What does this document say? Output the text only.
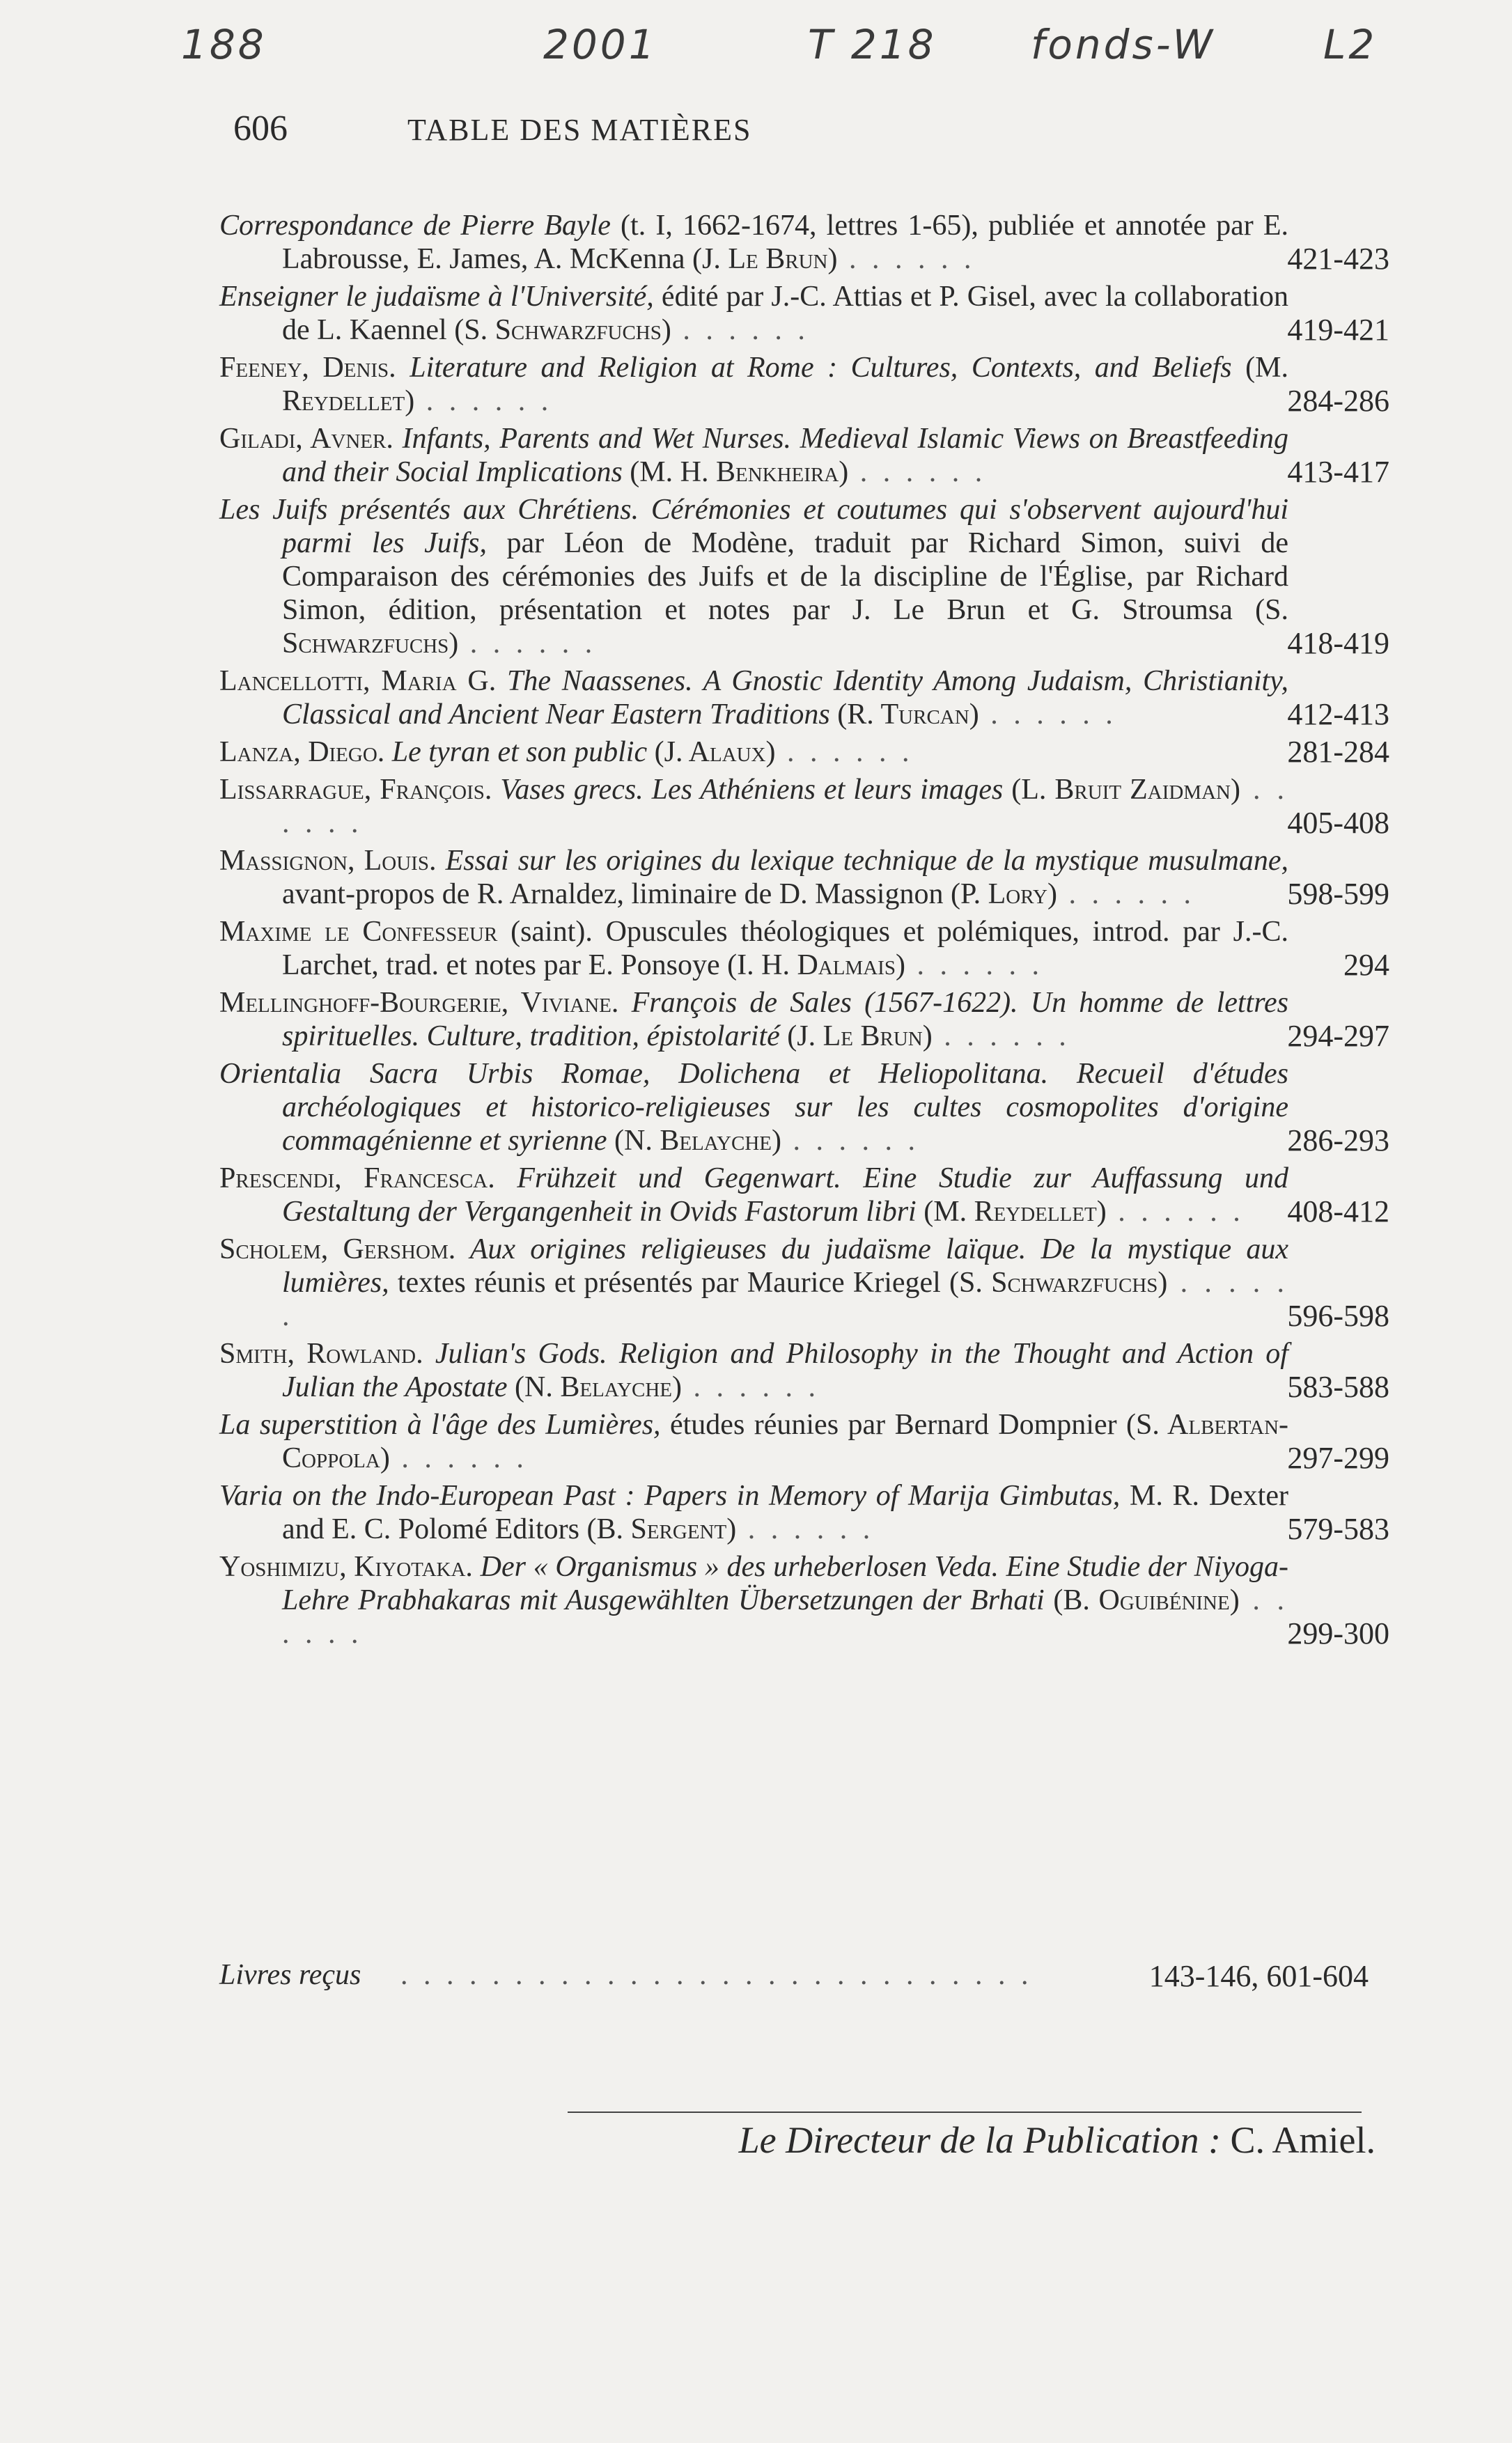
188	2001	T 218 fonds-W	L2
606	TABLE DES MATIÈRES
Correspondance de Pierre Bayle (t. I, 1662-1674, lettres 1-65), publiée et annotée par E. Labrousse, E. James, A. McKenna (J. Le Brun) . . . . . .	421-423
Enseigner le judaïsme à l'Université, édité par J.-C. Attias et P. Gisel, avec la collaboration de L. Kaennel (S. Schwarzfuchs) . . . . . .	419-421
Feeney, Denis. Literature and Religion at Rome : Cultures, Contexts, and Beliefs (M. Reydellet) . . . . . .	284-286
Giladi, Avner. Infants, Parents and Wet Nurses. Medieval Islamic Views on Breastfeeding and their Social Implications (M. H. Benkheira) . . . . . .	413-417
Les Juifs présentés aux Chrétiens. Cérémonies et coutumes qui s'observent aujourd'hui parmi les Juifs, par Léon de Modène, traduit par Richard Simon, suivi de Comparaison des cérémonies des Juifs et de la discipline de l'Église, par Richard Simon, édition, présentation et notes par J. Le Brun et G. Stroumsa (S. Schwarzfuchs) . . . . . .	418-419
Lancellotti, Maria G. The Naassenes. A Gnostic Identity Among Judaism, Christianity, Classical and Ancient Near Eastern Traditions (R. Turcan) . . . . . .	412-413
Lanza, Diego. Le tyran et son public (J. Alaux) . . . . . .	281-284
Lissarrague, François. Vases grecs. Les Athéniens et leurs images (L. Bruit Zaidman) . . . . . .	405-408
Massignon, Louis. Essai sur les origines du lexique technique de la mystique musulmane, avant-propos de R. Arnaldez, liminaire de D. Massignon (P. Lory) . . . . . .	598-599
Maxime le Confesseur (saint). Opuscules théologiques et polémiques, introd. par J.-C. Larchet, trad. et notes par E. Ponsoye (I. H. Dalmais) . . . . . .	294
Mellinghoff-Bourgerie, Viviane. François de Sales (1567-1622). Un homme de lettres spirituelles. Culture, tradition, épistolarité (J. Le Brun) . . . . . .	294-297
Orientalia Sacra Urbis Romae, Dolichena et Heliopolitana. Recueil d'études archéologiques et historico-religieuses sur les cultes cosmopolites d'origine commagénienne et syrienne (N. Belayche) . . . . . .	286-293
Prescendi, Francesca. Frühzeit und Gegenwart. Eine Studie zur Auffassung und Gestaltung der Vergangenheit in Ovids Fastorum libri (M. Reydellet) . . . . . .	408-412
Scholem, Gershom. Aux origines religieuses du judaïsme laïque. De la mystique aux lumières, textes réunis et présentés par Maurice Kriegel (S. Schwarzfuchs) . . . . . .	596-598
Smith, Rowland. Julian's Gods. Religion and Philosophy in the Thought and Action of Julian the Apostate (N. Belayche) . . . . . .	583-588
La superstition à l'âge des Lumières, études réunies par Bernard Dompnier (S. Albertan-Coppola) . . . . . .	297-299
Varia on the Indo-European Past : Papers in Memory of Marija Gimbutas, M. R. Dexter and E. C. Polomé Editors (B. Sergent) . . . . . .	579-583
Yoshimizu, Kiyotaka. Der « Organismus » des urheberlosen Veda. Eine Studie der Niyoga-Lehre Prabhakaras mit Ausgewählten Übersetzungen der Brhati (B. Oguibénine) . . . . . .	299-300
Livres reçus . . . . . . . . . . . . . . . . . . . . . . . . . . . .	143-146, 601-604
Le Directeur de la Publication : C. Amiel.
